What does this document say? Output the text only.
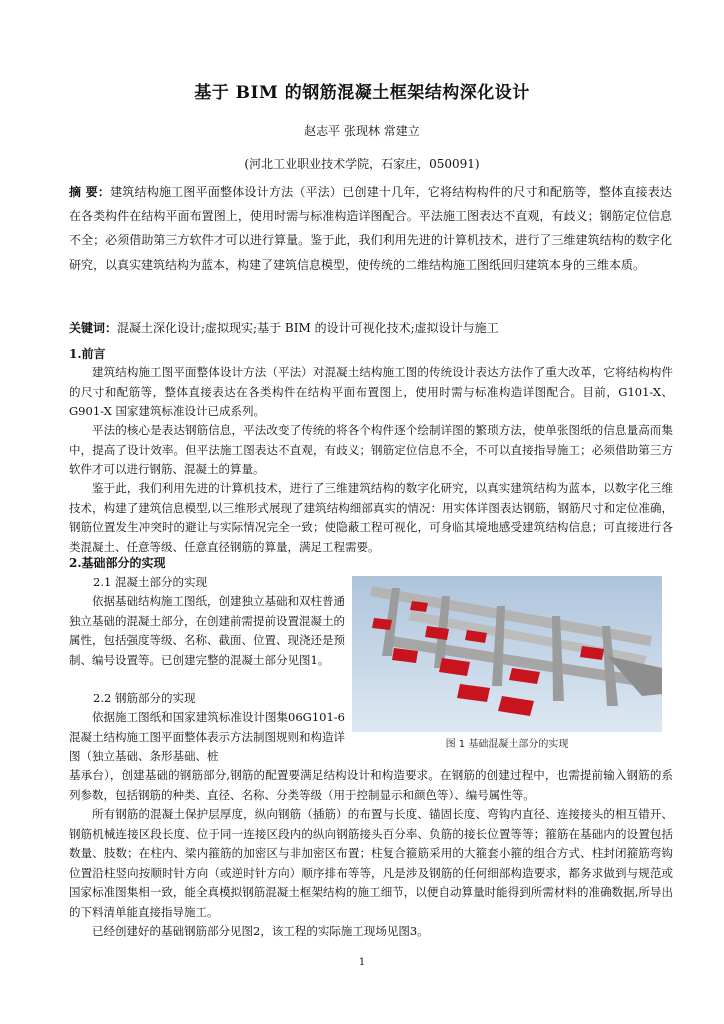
基于 BIM 的钢筋混凝土框架结构深化设计
赵志平 张现林 常建立
(河北工业职业技术学院，石家庄，050091)
摘 要：建筑结构施工图平面整体设计方法（平法）已创建十几年，它将结构构件的尺寸和配筋等，整体直接表达在各类构件在结构平面布置图上，使用时需与标准构造详图配合。平法施工图表达不直观，有歧义；钢筋定位信息不全；必须借助第三方软件才可以进行算量。鉴于此，我们利用先进的计算机技术，进行了三维建筑结构的数字化研究，以真实建筑结构为蓝本，构建了建筑信息模型，使传统的二维结构施工图纸回归建筑本身的三维本质。
关键词：混凝土深化设计;虚拟现实;基于 BIM 的设计可视化技术;虚拟设计与施工
1.前言
建筑结构施工图平面整体设计方法（平法）对混凝土结构施工图的传统设计表达方法作了重大改革，它将结构构件的尺寸和配筋等，整体直接表达在各类构件在结构平面布置图上，使用时需与标准构造详图配合。目前，G101-X、G901-X 国家建筑标准设计已成系列。
平法的核心是表达钢筋信息，平法改变了传统的将各个构件逐个绘制详图的繁琐方法，使单张图纸的信息量高而集中，提高了设计效率。但平法施工图表达不直观，有歧义；钢筋定位信息不全，不可以直接指导施工；必须借助第三方软件才可以进行钢筋、混凝土的算量。
鉴于此，我们利用先进的计算机技术，进行了三维建筑结构的数字化研究，以真实建筑结构为蓝本，以数字化三维技术，构建了建筑信息模型,以三维形式展现了建筑结构细部真实的情况：用实体详图表达钢筋，钢筋尺寸和定位准确，钢筋位置发生冲突时的避让与实际情况完全一致；使隐蔽工程可视化，可身临其境地感受建筑结构信息；可直接进行各类混凝土、任意等级、任意直径钢筋的算量，满足工程需要。
2.基础部分的实现
2.1 混凝土部分的实现
依据基础结构施工图纸，创建独立基础和双柱普通独立基础的混凝土部分，在创建前需提前设置混凝土的属性，包括强度等级、名称、截面、位置、现浇还是预制、编号设置等。已创建完整的混凝土部分见图1。
2.2 钢筋部分的实现
依据施工图纸和国家建筑标准设计图集06G101-6 混凝土结构施工图平面整体表示方法制图规则和构造详图（独立基础、条形基础、桩
基承台），创建基础的钢筋部分,钢筋的配置要满足结构设计和构造要求。在钢筋的创建过程中，也需提前输入钢筋的系列参数，包括钢筋的种类、直径、名称、分类等级（用于控制显示和颜色等）、编号属性等。
所有钢筋的混凝土保护层厚度，纵向钢筋（插筋）的布置与长度、锚固长度、弯钩内直径、连接接头的相互错开、钢筋机械连接区段长度、位于同一连接区段内的纵向钢筋接头百分率、负筋的接长位置等等；箍筋在基础内的设置包括数量、肢数；在柱内、梁内箍筋的加密区与非加密区布置；柱复合箍筋采用的大箍套小箍的组合方式、柱封闭箍筋弯钩位置沿柱竖向按顺时针方向（或逆时针方向）顺序排布等等，凡是涉及钢筋的任何细部构造要求，都务求做到与规范或国家标准图集相一致，能全真模拟钢筋混凝土框架结构的施工细节，以便自动算量时能得到所需材料的准确数据,所导出的下料清单能直接指导施工。
已经创建好的基础钢筋部分见图2，该工程的实际施工现场见图3。
图 1 基础混凝土部分的实现
1
